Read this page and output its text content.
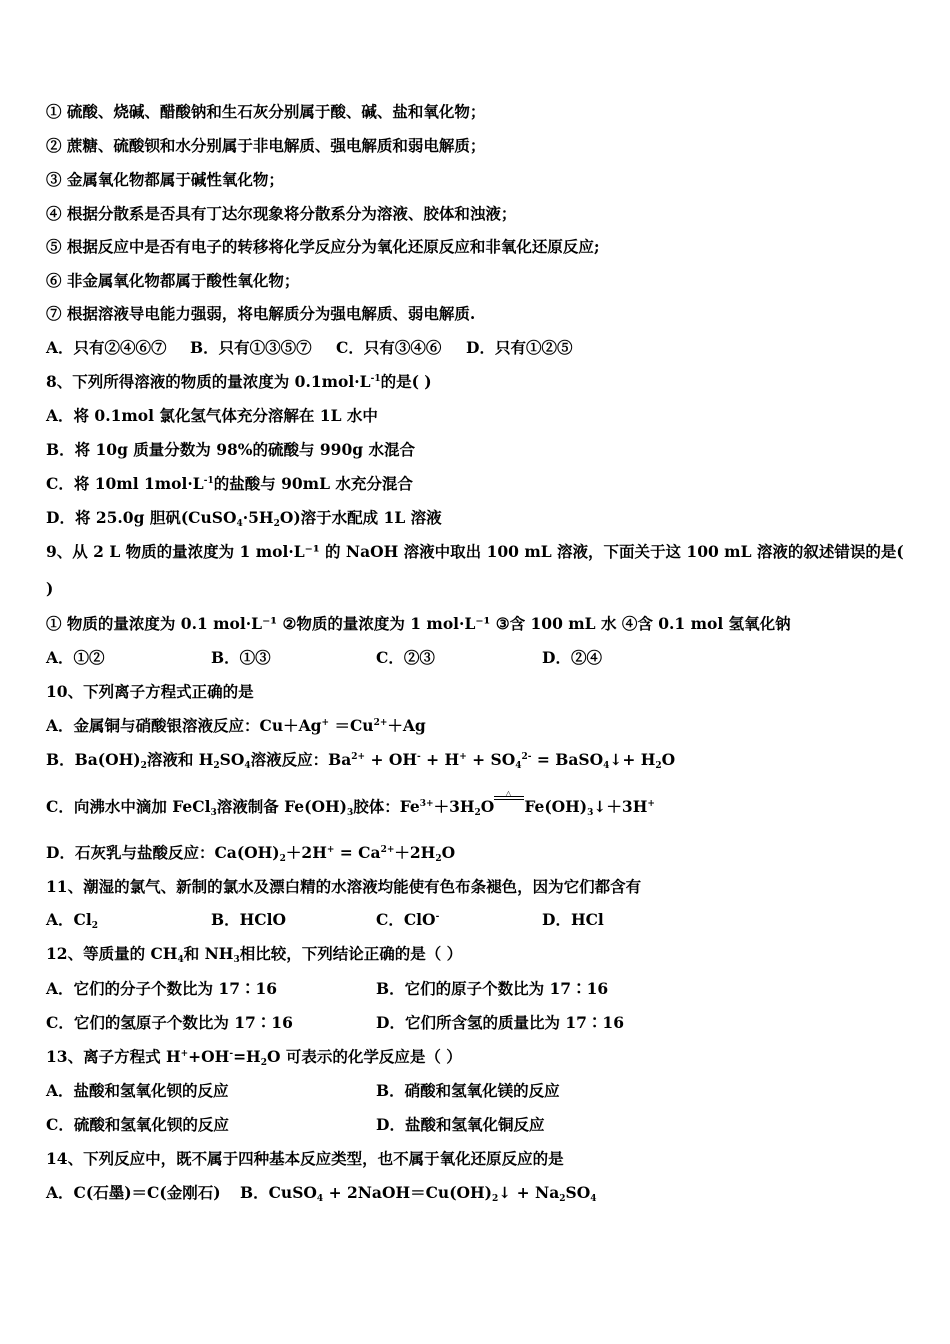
① 硫酸、烧碱、醋酸钠和生石灰分别属于酸、碱、盐和氧化物；
② 蔗糖、硫酸钡和水分别属于非电解质、强电解质和弱电解质；
③ 金属氧化物都属于碱性氧化物；
④ 根据分散系是否具有丁达尔现象将分散系分为溶液、胶体和浊液；
⑤ 根据反应中是否有电子的转移将化学反应分为氧化还原反应和非氧化还原反应;
⑥ 非金属氧化物都属于酸性氧化物；
⑦ 根据溶液导电能力强弱，将电解质分为强电解质、弱电解质.
A．只有②④⑥⑦ B．只有①③⑤⑦ C．只有③④⑥ D．只有①②⑤
8、下列所得溶液的物质的量浓度为 $0.1mol\cdot L^{-1}$的是( )
A．将 0.1mol 氯化氢气体充分溶解在 1L 水中
B．将 10g 质量分数为 98%的硫酸与 990g 水混合
C．将 10ml $1mol\cdot L^{-1}$的盐酸与 90mL 水充分混合
D．将 25.0g 胆矾$(CuSO_4\cdot 5H_2O)$溶于水配成 1L 溶液
9、从 2 L 物质的量浓度为 1 mol·L⁻¹ 的 NaOH 溶液中取出 100 mL 溶液，下面关于这 100 mL 溶液的叙述错误的是(
)
① 物质的量浓度为 0.1 mol·L⁻¹ ②物质的量浓度为 1 mol·L⁻¹ ③含 100 mL 水 ④含 0.1 mol 氢氧化钠
A．①②	B．①③	C．②③	D．②④
10、下列离子方程式正确的是
A．金属铜与硝酸银溶液反应：$Cu+Ag^+ =Cu^{2+}+Ag$
B．$Ba(OH)_2$溶液和 $H_2SO_4$溶液反应：$Ba^{2+} + OH^- + H^+ + SO_4^{2-}$ = BaSO$_4$↓+ $H_2O$
C．向沸水中滴加 FeCl$_3$溶液制备 $Fe(OH)_3$胶体：$Fe^{3+}+3H_2O$
△
$Fe(OH)_3↓+3H^+$
D．石灰乳与盐酸反应：$Ca(OH)_2+2H^+ = Ca^{2+}+2H_2O$
11、潮湿的氯气、新制的氯水及漂白精的水溶液均能使有色布条褪色，因为它们都含有
A．$Cl_2$	B．HClO	C．ClO-	D．HCl
12、等质量的 $CH_4$和 $NH_3$相比较，下列结论正确的是（ ）
A．它们的分子个数比为 17∶16	B．它们的原子个数比为 17∶16
C．它们的氢原子个数比为 17∶16	D．它们所含氢的质量比为 17∶16
13、离子方程式 $H^++OH^-=H_2O$ 可表示的化学反应是（ ）
A．盐酸和氢氧化钡的反应	B．硝酸和氢氧化镁的反应
C．硫酸和氢氧化钡的反应	D．盐酸和氢氧化铜反应
14、下列反应中，既不属于四种基本反应类型，也不属于氧化还原反应的是
A．C(石墨)＝C(金刚石) B．CuSO$_4$ + $2NaOH=Cu(OH)_2↓ + Na_2SO_4$
